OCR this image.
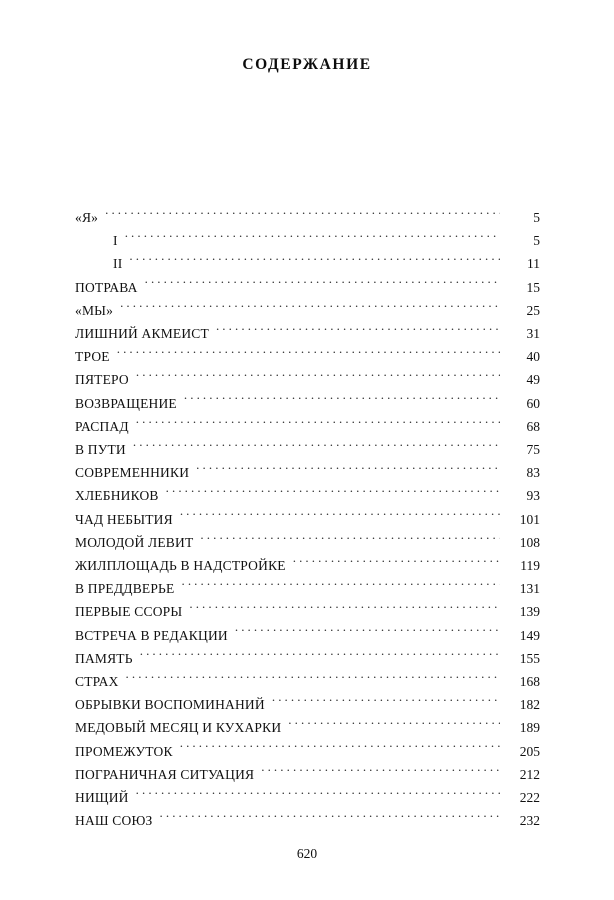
СОДЕРЖАНИЕ
«Я» .....	5
I .....	5
II .....	11
ПОТРАВА .....	15
«МЫ» .....	25
ЛИШНИЙ АКМЕИСТ .....	31
ТРОЕ .....	40
ПЯТЕРО .....	49
ВОЗВРАЩЕНИЕ .....	60
РАСПАД .....	68
В ПУТИ .....	75
СОВРЕМЕННИКИ .....	83
ХЛЕБНИКОВ .....	93
ЧАД НЕБЫТИЯ .....	101
МОЛОДОЙ ЛЕВИТ .....	108
ЖИЛПЛОЩАДЬ В НАДСТРОЙКЕ .....	119
В ПРЕДДВЕРЬЕ .....	131
ПЕРВЫЕ ССОРЫ .....	139
ВСТРЕЧА В РЕДАКЦИИ .....	149
ПАМЯТЬ .....	155
СТРАХ .....	168
ОБРЫВКИ ВОСПОМИНАНИЙ .....	182
МЕДОВЫЙ МЕСЯЦ И КУХАРКИ .....	189
ПРОМЕЖУТОК .....	205
ПОГРАНИЧНАЯ СИТУАЦИЯ .....	212
НИЩИЙ .....	222
НАШ СОЮЗ .....	232
620
